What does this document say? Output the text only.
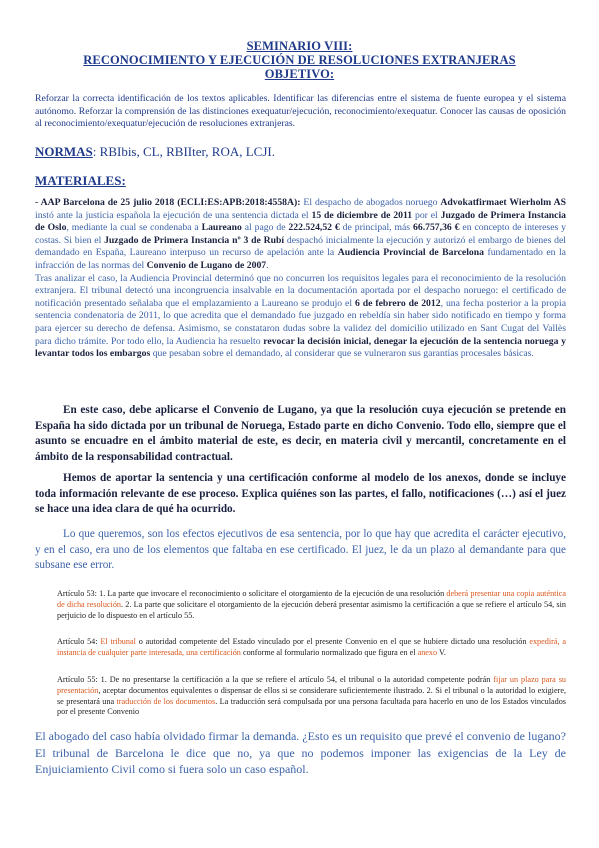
SEMINARIO VIII:
RECONOCIMIENTO Y EJECUCIÓN DE RESOLUCIONES EXTRANJERAS
OBJETIVO:
Reforzar la correcta identificación de los textos aplicables. Identificar las diferencias entre el sistema de fuente europea y el sistema autónomo. Reforzar la comprensión de las distinciones exequatur/ejecución, reconocimiento/exequatur. Conocer las causas de oposición al reconocimiento/exequatur/ejecución de resoluciones extranjeras.
NORMAS: RBIbis, CL, RBIIter, ROA, LCJI.
MATERIALES:
- AAP Barcelona de 25 julio 2018 (ECLI:ES:APB:2018:4558A): El despacho de abogados noruego Advokatfirmaet Wierholm AS instó ante la justicia española la ejecución de una sentencia dictada el 15 de diciembre de 2011 por el Juzgado de Primera Instancia de Oslo, mediante la cual se condenaba a Laureano al pago de 222.524,52 € de principal, más 66.757,36 € en concepto de intereses y costas. Si bien el Juzgado de Primera Instancia nº 3 de Rubí despachó inicialmente la ejecución y autorizó el embargo de bienes del demandado en España, Laureano interpuso un recurso de apelación ante la Audiencia Provincial de Barcelona fundamentado en la infracción de las normas del Convenio de Lugano de 2007.
Tras analizar el caso, la Audiencia Provincial determinó que no concurren los requisitos legales para el reconocimiento de la resolución extranjera. El tribunal detectó una incongruencia insalvable en la documentación aportada por el despacho noruego: el certificado de notificación presentado señalaba que el emplazamiento a Laureano se produjo el 6 de febrero de 2012, una fecha posterior a la propia sentencia condenatoria de 2011, lo que acredita que el demandado fue juzgado en rebeldía sin haber sido notificado en tiempo y forma para ejercer su derecho de defensa. Asimismo, se constataron dudas sobre la validez del domicilio utilizado en Sant Cugat del Vallès para dicho trámite. Por todo ello, la Audiencia ha resuelto revocar la decisión inicial, denegar la ejecución de la sentencia noruega y levantar todos los embargos que pesaban sobre el demandado, al considerar que se vulneraron sus garantías procesales básicas.
En este caso, debe aplicarse el Convenio de Lugano, ya que la resolución cuya ejecución se pretende en España ha sido dictada por un tribunal de Noruega, Estado parte en dicho Convenio. Todo ello, siempre que el asunto se encuadre en el ámbito material de este, es decir, en materia civil y mercantil, concretamente en el ámbito de la responsabilidad contractual.
Hemos de aportar la sentencia y una certificación conforme al modelo de los anexos, donde se incluye toda información relevante de ese proceso. Explica quiénes son las partes, el fallo, notificaciones (…) así el juez se hace una idea clara de qué ha ocurrido.
Lo que queremos, son los efectos ejecutivos de esa sentencia, por lo que hay que acredita el carácter ejecutivo, y en el caso, era uno de los elementos que faltaba en ese certificado. El juez, le da un plazo al demandante para que subsane ese error.
Artículo 53: 1. La parte que invocare el reconocimiento o solicitare el otorgamiento de la ejecución de una resolución deberá presentar una copia auténtica de dicha resolución. 2. La parte que solicitare el otorgamiento de la ejecución deberá presentar asimismo la certificación a que se refiere el artículo 54, sin perjuicio de lo dispuesto en el artículo 55.
Artículo 54: El tribunal o autoridad competente del Estado vinculado por el presente Convenio en el que se hubiere dictado una resolución expedirá, a instancia de cualquier parte interesada, una certificación conforme al formulario normalizado que figura en el anexo V.
Artículo 55: 1. De no presentarse la certificación a la que se refiere el artículo 54, el tribunal o la autoridad competente podrán fijar un plazo para su presentación, aceptar documentos equivalentes o dispensar de ellos si se considerare suficientemente ilustrado. 2. Si el tribunal o la autoridad lo exigiere, se presentará una traducción de los documentos. La traducción será compulsada por una persona facultada para hacerlo en uno de los Estados vinculados por el presente Convenio
El abogado del caso había olvidado firmar la demanda. ¿Esto es un requisito que prevé el convenio de lugano? El tribunal de Barcelona le dice que no, ya que no podemos imponer las exigencias de la Ley de Enjuiciamiento Civil como si fuera solo un caso español.
